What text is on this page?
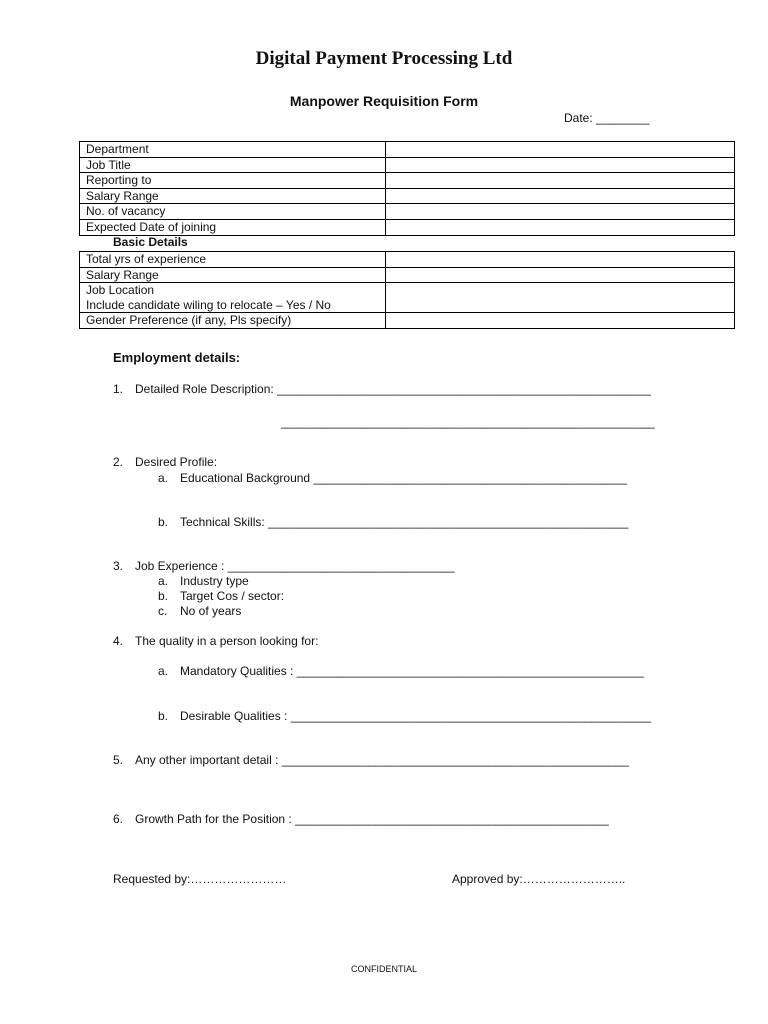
Digital Payment Processing Ltd
Manpower Requisition Form
Date: ________
Department	
Job Title	
Reporting to	
Salary Range	
No. of vacancy	
Expected Date of joining	
Basic Details
Total yrs of experience	
Salary Range	
Job Location
Include candidate wiling to relocate – Yes / No	
Gender Preference (if any, Pls specify)	
Employment details:
1. Detailed Role Description: ________________________________________________________
________________________________________________________
2. Desired Profile:
a. Educational Background _______________________________________________
b. Technical Skills: ______________________________________________________
3. Job Experience : __________________________________
a. Industry type
b. Target Cos / sector:
c. No of years
4. The quality in a person looking for:
a. Mandatory Qualities : ____________________________________________________
b. Desirable Qualities : ______________________________________________________
5. Any other important detail : ____________________________________________________
6. Growth Path for the Position : _______________________________________________
Requested by:……………………	Approved by:……………………..
CONFIDENTIAL
